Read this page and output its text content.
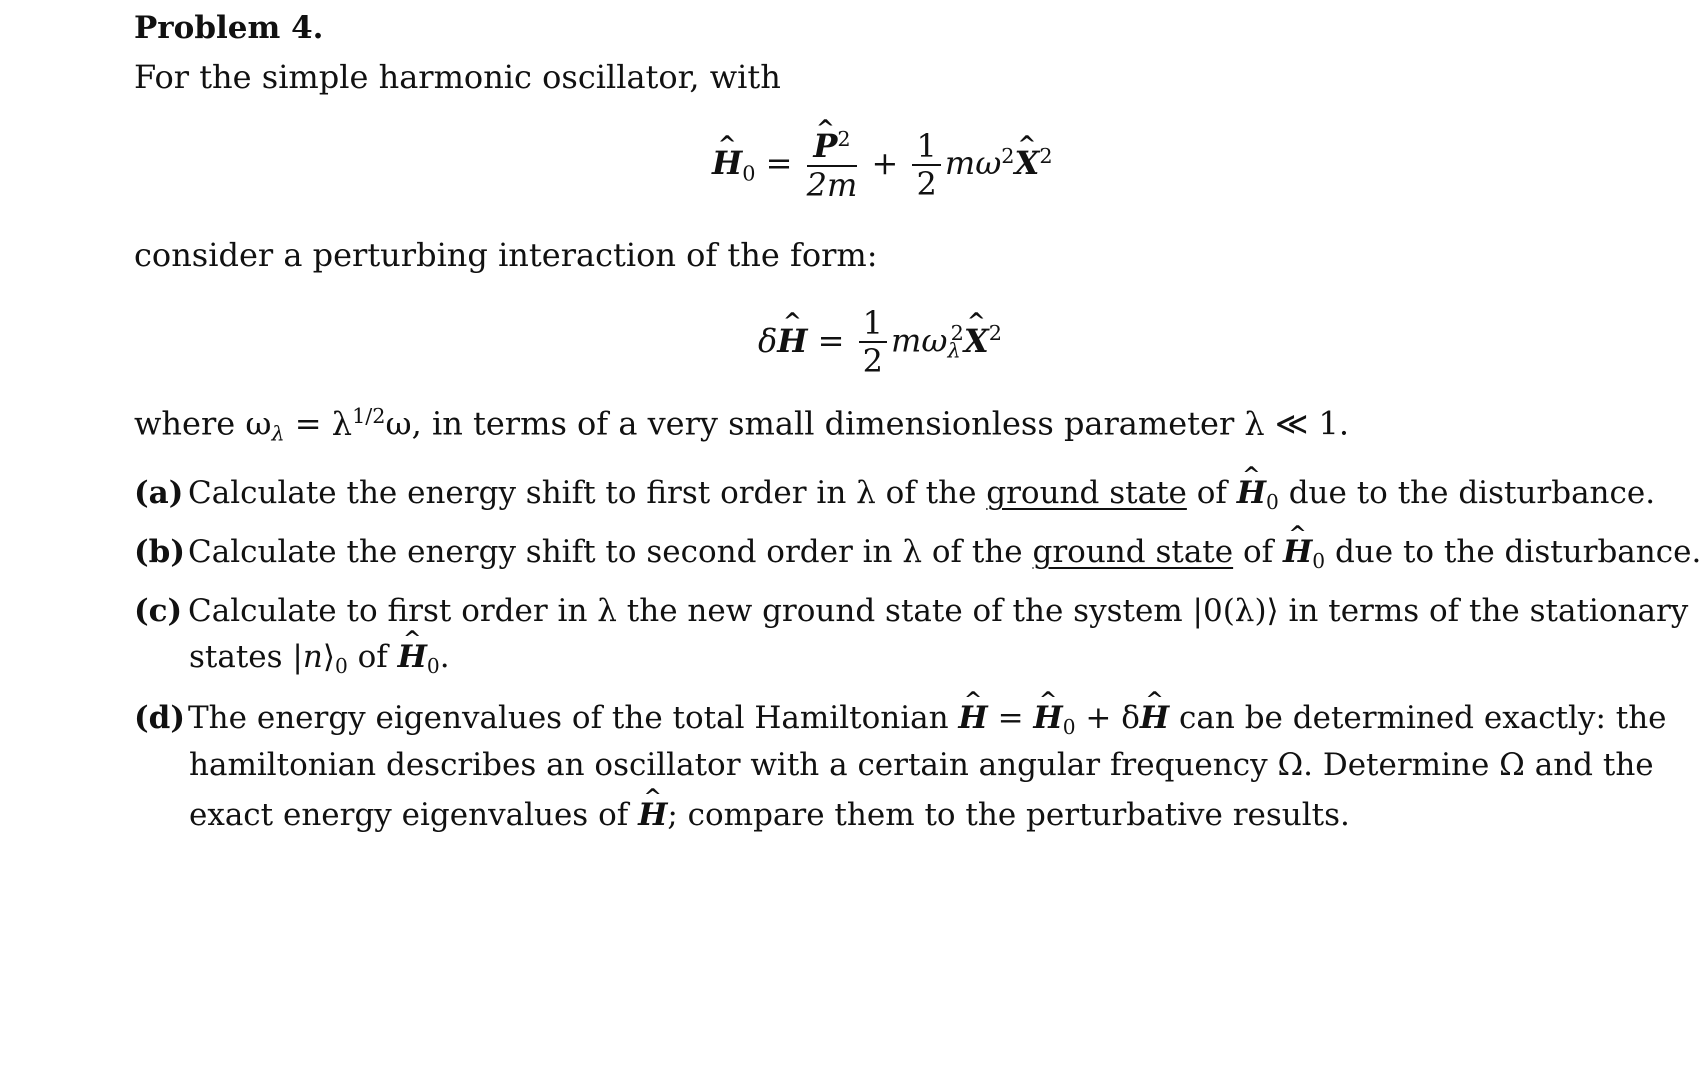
Problem 4.
For the simple harmonic oscillator, with
^ $H_0$ =
^ $\frac{P^2}{2m} + \frac{1}{2}$ $m\omega^2\^{}$ $X^2$
consider a perturbing interaction of the form:
δ^ $H = \frac{1}{2}$ $m\omega_\lambda^2\^{}$ $X^2$
where $\omega_\lambda = \lambda^{1/2}\omega$, in terms of a very small dimensionless parameter λ ≪ 1.
(a) Calculate the energy shift to first order in λ of the ground state of ^ $H_0$ due to the disturbance.
(b)Calculate the energy shift to second order in λ of the ground state of ^ $H_0$ due to the disturbance.
(c) Calculate to first order in λ the new ground state of the system |0(λ)⟩ in terms of the stationary
states $|n⟩_0$ of ^ $H_0$.
(d)The energy eigenvalues of the total Hamiltonian ^ H = ^ $H_0$ + δ^ H can be determined exactly: the
hamiltonian describes an oscillator with a certain angular frequency Ω. Determine Ω and the
exact energy eigenvalues of ^ H; compare them to the perturbative results.
